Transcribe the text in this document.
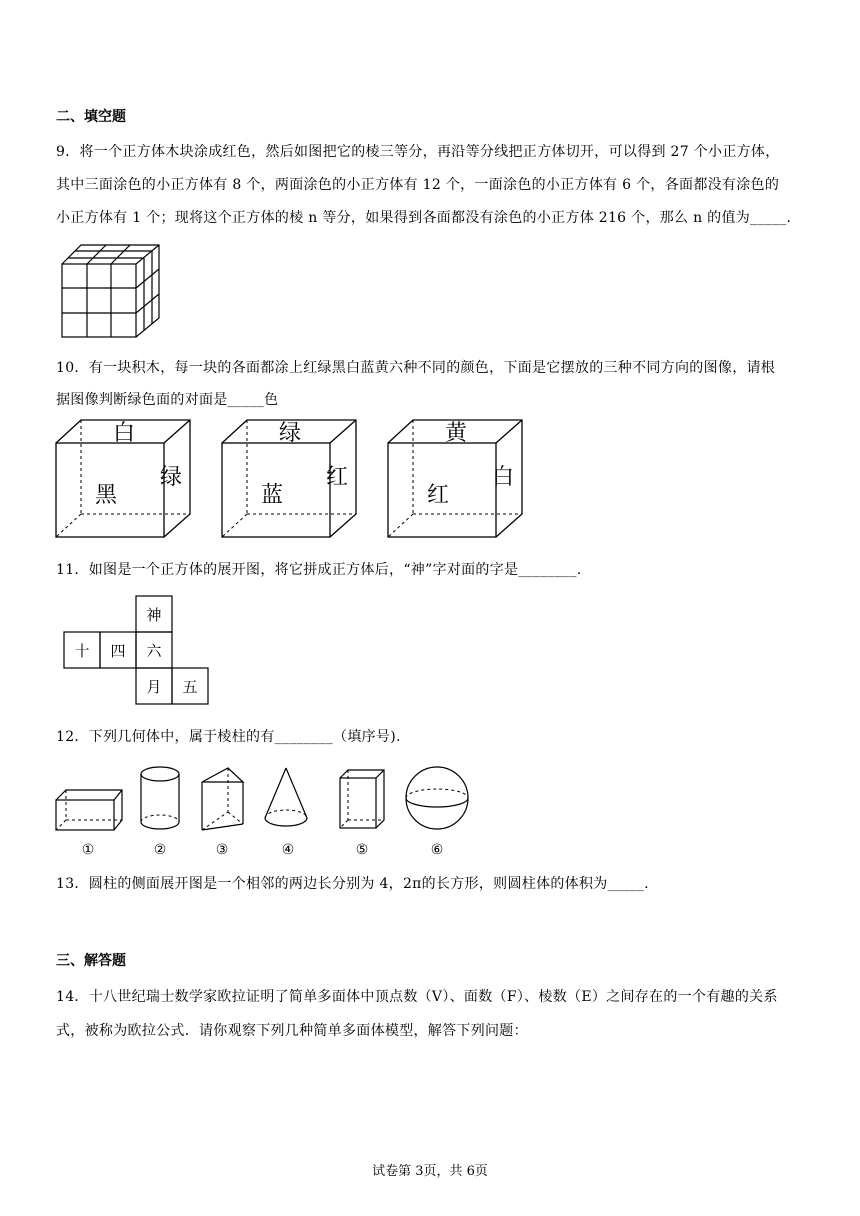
二、填空题
9．将一个正方体木块涂成红色，然后如图把它的棱三等分，再沿等分线把正方体切开，可以得到 27 个小正方体，
其中三面涂色的小正方体有 8 个，两面涂色的小正方体有 12 个，一面涂色的小正方体有 6 个，各面都没有涂色的
小正方体有 1 个；现将这个正方体的棱 n 等分，如果得到各面都没有涂色的小正方体 216 个，那么 n 的值为_____.
10．有一块积木，每一块的各面都涂上红绿黑白蓝黄六种不同的颜色，下面是它摆放的三种不同方向的图像，请根
据图像判断绿色面的对面是_____色
白
黑
绿
绿
蓝
红
黄
红
白
11．如图是一个正方体的展开图，将它拼成正方体后，“神”字对面的字是________.
神
十 四 六
月 五
12．下列几何体中，属于棱柱的有________（填序号).
①	②	③	④	⑤	⑥
13．圆柱的侧面展开图是一个相邻的两边长分别为 4，2π的长方形，则圆柱体的体积为_____.
三、解答题
14．十八世纪瑞士数学家欧拉证明了简单多面体中顶点数（V）、面数（F）、棱数（E）之间存在的一个有趣的关系
式，被称为欧拉公式．请你观察下列几种简单多面体模型，解答下列问题：
试卷第 3页，共 6页
